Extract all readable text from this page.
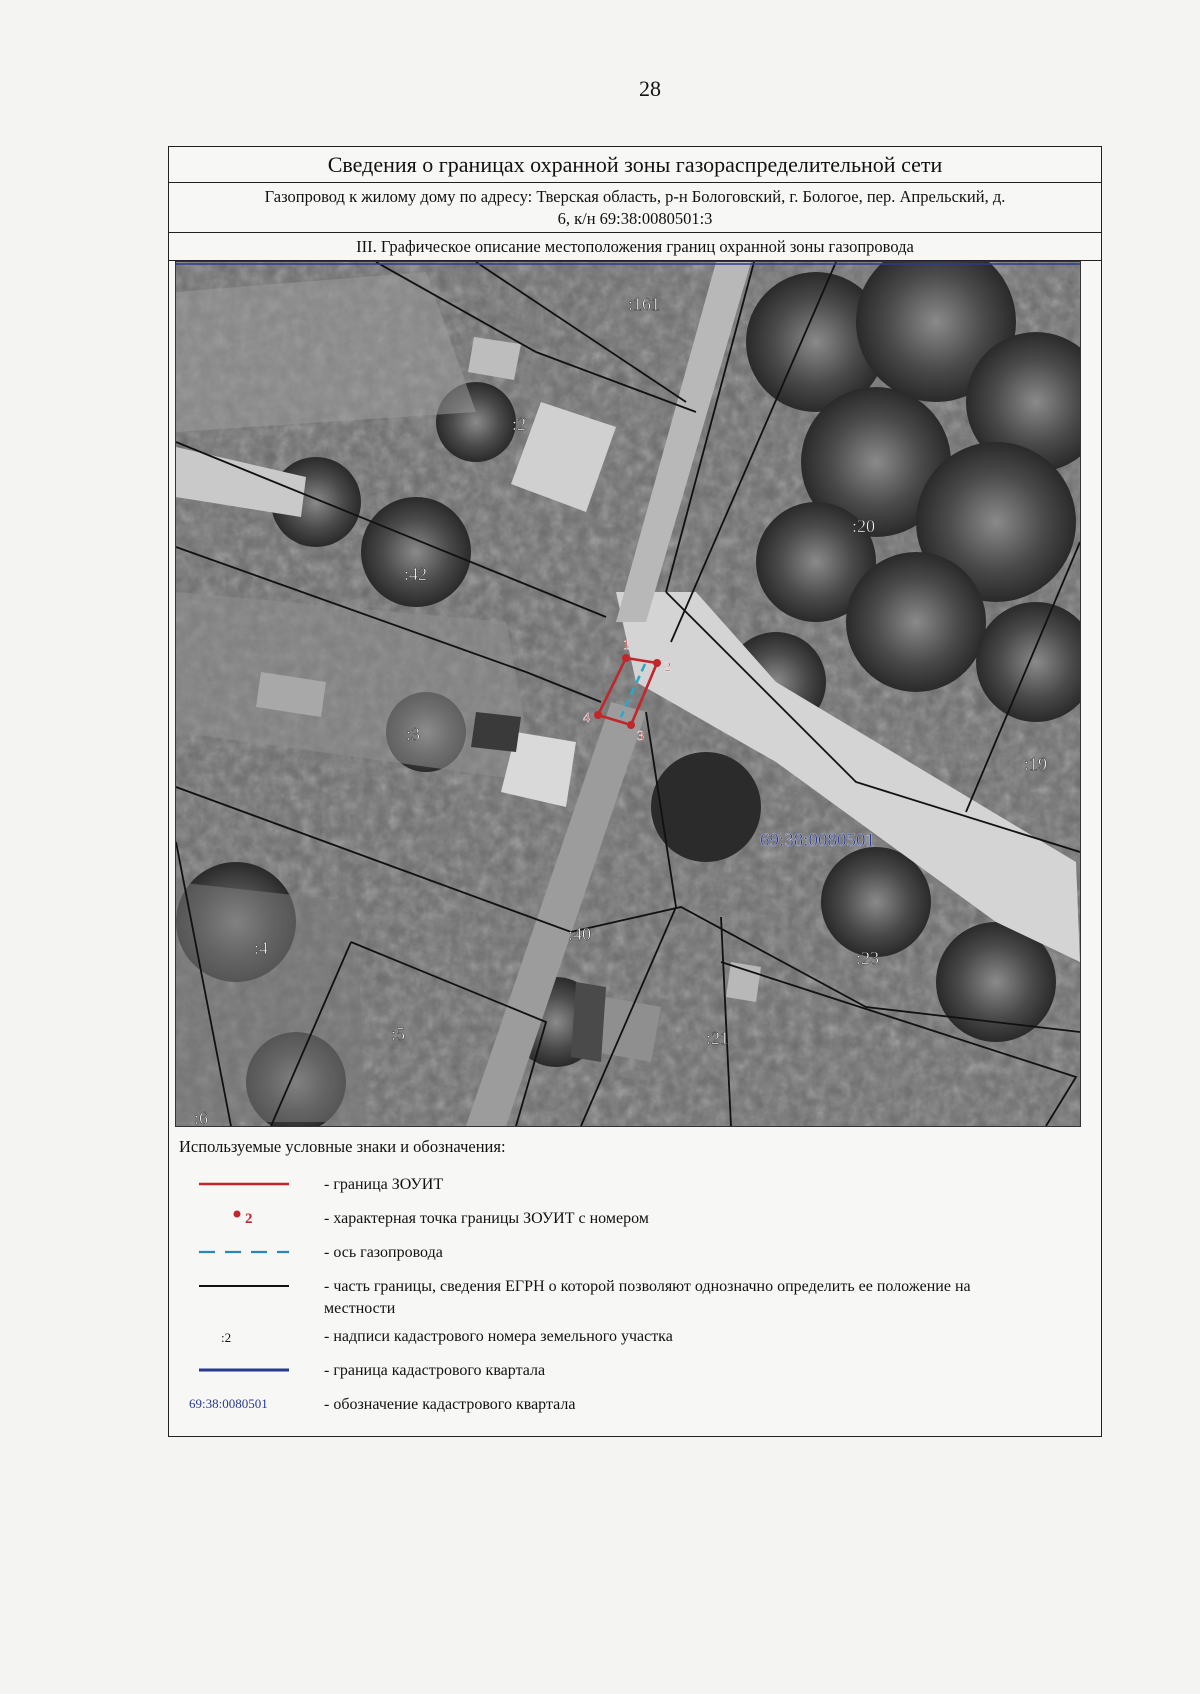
28
Сведения о границах охранной зоны газораспределительной сети
Газопровод к жилому дому по адресу: Тверская область, р-н Бологовский, г. Бологое, пер. Апрельский, д.
6, к/н 69:38:0080501:3
III. Графическое описание местоположения границ охранной зоны газопровода
:161
:2
:42
:20
:3
:19
:4
:40
:23
:5	:21
:6
69:38:0080501
1
2
3
4
Используемые условные знаки и обозначения:
- граница ЗОУИТ
2	- характерная точка границы ЗОУИТ с номером
- ось газопровода
- часть границы, сведения ЕГРН о которой позволяют однозначно определить ее положение на местности
:2	- надписи кадастрового номера земельного участка
- граница кадастрового квартала
69:38:0080501	- обозначение кадастрового квартала
